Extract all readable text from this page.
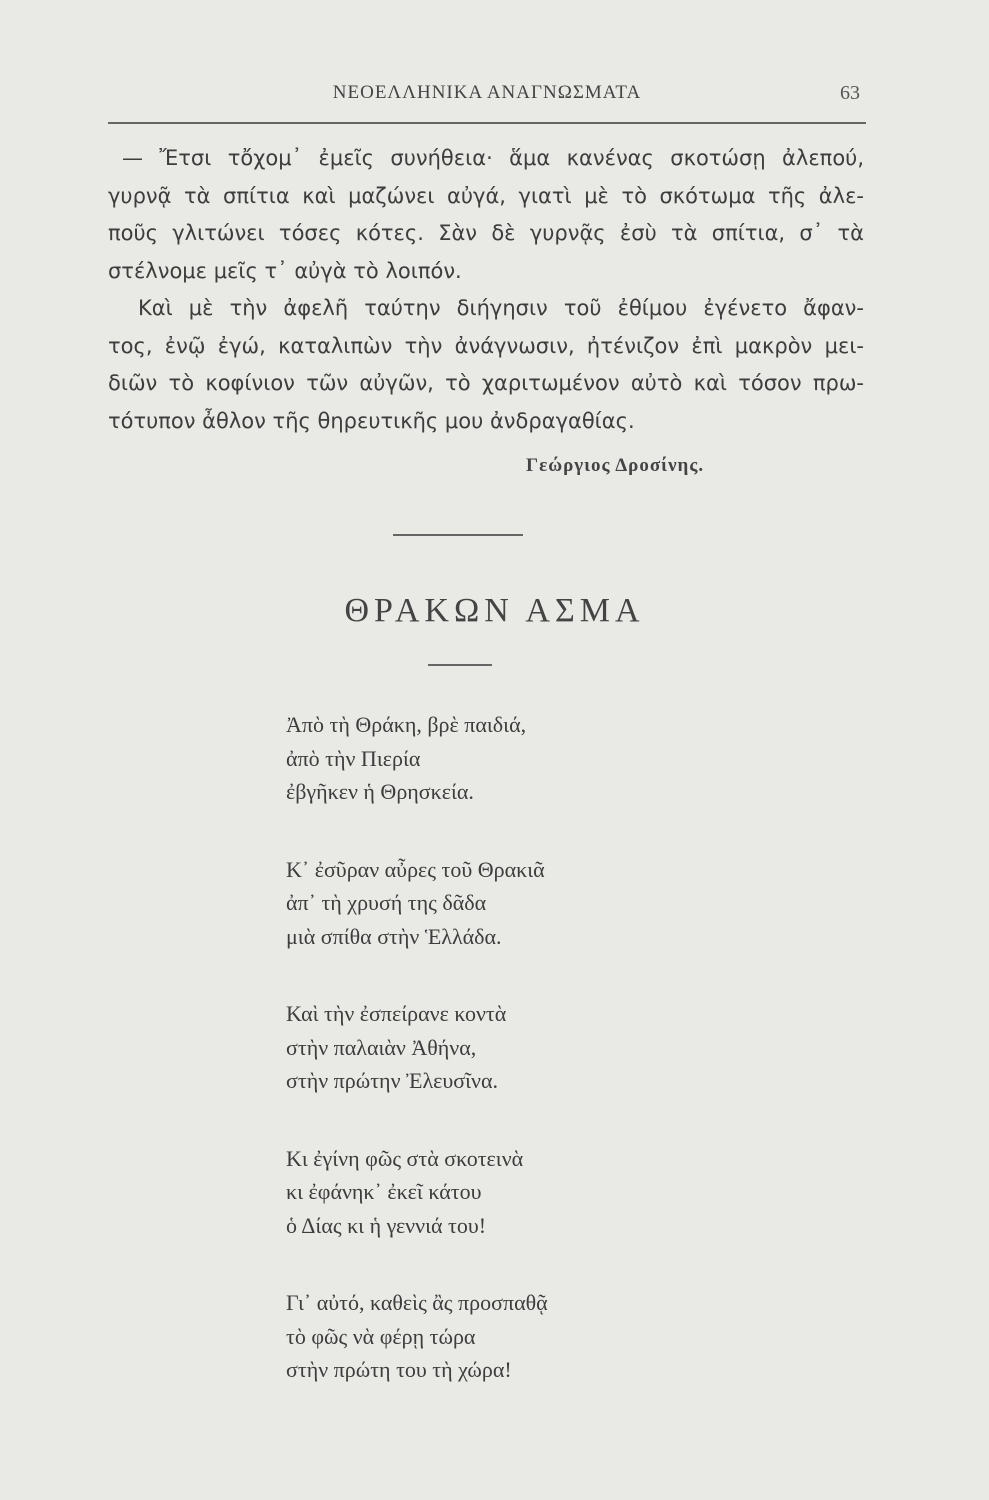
ΝΕΟΕΛΛΗΝΙΚΑ ΑΝΑΓΝΩΣΜΑΤΑ	63

— Ἔτσι τὄχομ᾽ ἐμεῖς συνήθεια· ἅμα κανένας σκοτώσῃ ἀλεπού,

γυρνᾷ τὰ σπίτια καὶ μαζώνει αὐγά, γιατὶ μὲ τὸ σκότωμα τῆς ἀλε-

ποῦς γλιτώνει τόσες κότες. Σὰν δὲ γυρνᾷς ἐσὺ τὰ σπίτια, σ᾽ τὰ

στέλνομε μεῖς τ᾽ αὐγὰ τὸ λοιπόν.

Καὶ μὲ τὴν ἀφελῆ ταύτην διήγησιν τοῦ ἐθίμου ἐγένετο ἄφαν-

τος, ἐνῷ ἐγώ, καταλιπὼν τὴν ἀνάγνωσιν, ἠτένιζον ἐπὶ μακρὸν μει-

διῶν τὸ κοφίνιον τῶν αὐγῶν, τὸ χαριτωμένον αὐτὸ καὶ τόσον πρω-

τότυπον ἆθλον τῆς θηρευτικῆς μου ἀνδραγαθίας.

Γεώργιος Δροσίνης.
ΘΡΑΚΩΝ ΑΣΜΑ
Ἀπὸ τὴ Θράκη, βρὲ παιδιά,
ἀπὸ τὴν Πιερία
ἐβγῆκεν ἡ Θρησκεία.
Κ᾽ ἐσῦραν αὖρες τοῦ Θρακιᾶ
ἀπ᾽ τὴ χρυσή της δᾶδα
μιὰ σπίθα στὴν Ἑλλάδα.
Καὶ τὴν ἐσπείρανε κοντὰ
στὴν παλαιὰν Ἀθήνα,
στὴν πρώτην Ἐλευσῖνα.
Κι ἐγίνη φῶς στὰ σκοτεινὰ
κι ἐφάνηκ᾽ ἐκεῖ κάτου
ὁ Δίας κι ἡ γεννιά του!
Γι᾽ αὐτό, καθεὶς ἂς προσπαθᾷ
τὸ φῶς νὰ φέρῃ τώρα
στὴν πρώτη του τὴ χώρα!
